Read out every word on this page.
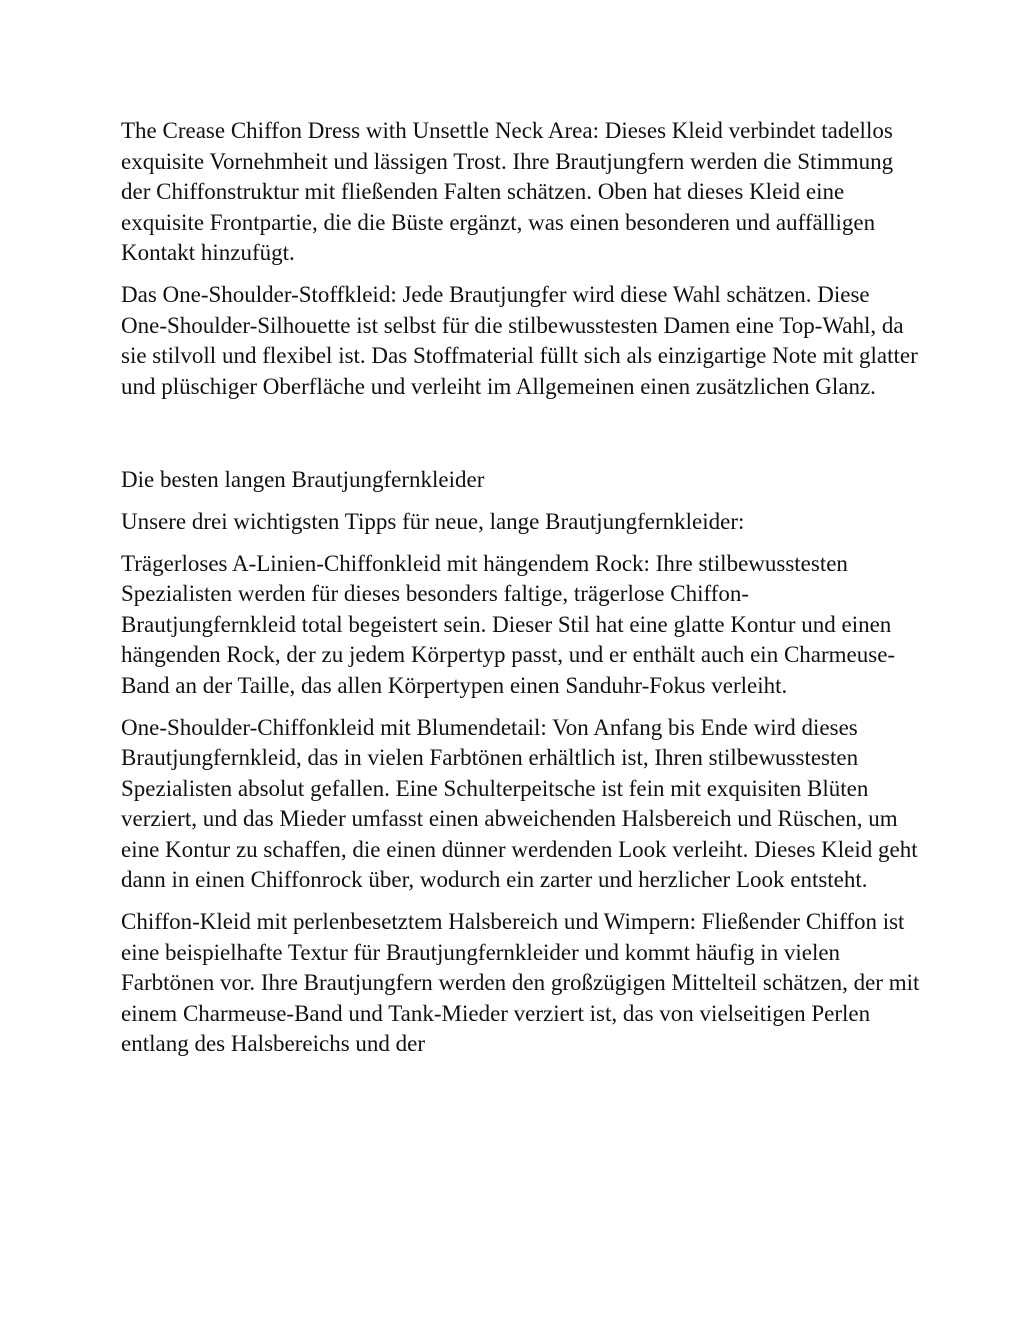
The Crease Chiffon Dress with Unsettle Neck Area: Dieses Kleid verbindet tadellos exquisite Vornehmheit und lässigen Trost. Ihre Brautjungfern werden die Stimmung der Chiffonstruktur mit fließenden Falten schätzen. Oben hat dieses Kleid eine exquisite Frontpartie, die die Büste ergänzt, was einen besonderen und auffälligen Kontakt hinzufügt.

Das One-Shoulder-Stoffkleid: Jede Brautjungfer wird diese Wahl schätzen. Diese One-Shoulder-Silhouette ist selbst für die stilbewusstesten Damen eine Top-Wahl, da sie stilvoll und flexibel ist. Das Stoffmaterial füllt sich als einzigartige Note mit glatter und plüschiger Oberfläche und verleiht im Allgemeinen einen zusätzlichen Glanz.

Die besten langen Brautjungfernkleider

Unsere drei wichtigsten Tipps für neue, lange Brautjungfernkleider:

Trägerloses A-Linien-Chiffonkleid mit hängendem Rock: Ihre stilbewusstesten Spezialisten werden für dieses besonders faltige, trägerlose Chiffon-Brautjungfernkleid total begeistert sein. Dieser Stil hat eine glatte Kontur und einen hängenden Rock, der zu jedem Körpertyp passt, und er enthält auch ein Charmeuse-Band an der Taille, das allen Körpertypen einen Sanduhr-Fokus verleiht.

One-Shoulder-Chiffonkleid mit Blumendetail: Von Anfang bis Ende wird dieses Brautjungfernkleid, das in vielen Farbtönen erhältlich ist, Ihren stilbewusstesten Spezialisten absolut gefallen. Eine Schulterpeitsche ist fein mit exquisiten Blüten verziert, und das Mieder umfasst einen abweichenden Halsbereich und Rüschen, um eine Kontur zu schaffen, die einen dünner werdenden Look verleiht. Dieses Kleid geht dann in einen Chiffonrock über, wodurch ein zarter und herzlicher Look entsteht.

Chiffon-Kleid mit perlenbesetztem Halsbereich und Wimpern: Fließender Chiffon ist eine beispielhafte Textur für Brautjungfernkleider und kommt häufig in vielen Farbtönen vor. Ihre Brautjungfern werden den großzügigen Mittelteil schätzen, der mit einem Charmeuse-Band und Tank-Mieder verziert ist, das von vielseitigen Perlen entlang des Halsbereichs und der
